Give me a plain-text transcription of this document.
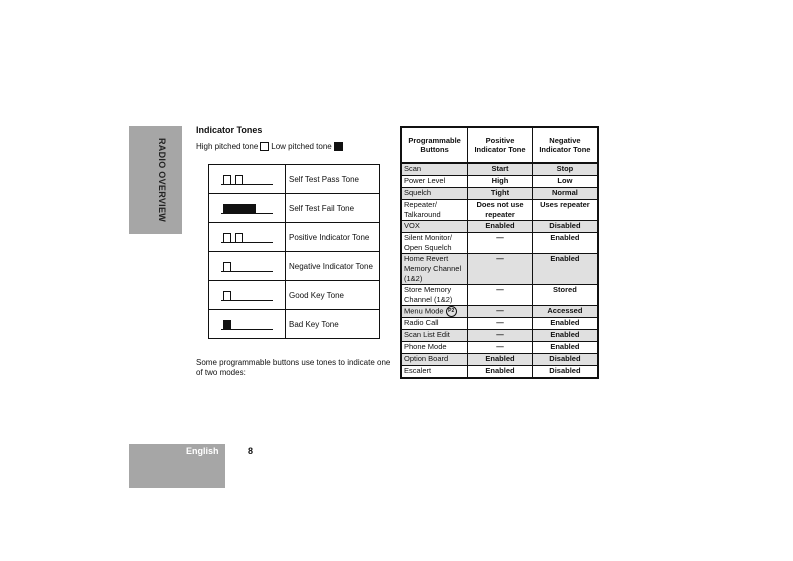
RADIO OVERVIEW
Indicator Tones
High pitched tone Low pitched tone
	Self Test Pass Tone

	Self Test Fail Tone

	Positive Indicator Tone

	Negative Indicator Tone

	Good Key Tone

	Bad Key Tone
Some programmable buttons use tones to indicate one of two modes:
Programmable Buttons	Positive Indicator Tone	Negative Indicator Tone
Scan	Start	Stop
Power Level	High	Low
Squelch	Tight	Normal
Repeater/ Talkaround	Does not use repeater	Uses repeater
VOX	Enabled	Disabled
Silent Monitor/ Open Squelch	—	Enabled
Home Revert Memory Channel (1&2)	—	Enabled
Store Memory Channel (1&2)	—	Stored
Menu Mode P2	—	Accessed
Radio Call	—	Enabled
Scan List Edit	—	Enabled
Phone Mode	—	Enabled
Option Board	Enabled	Disabled
Escalert	Enabled	Disabled
English	8
